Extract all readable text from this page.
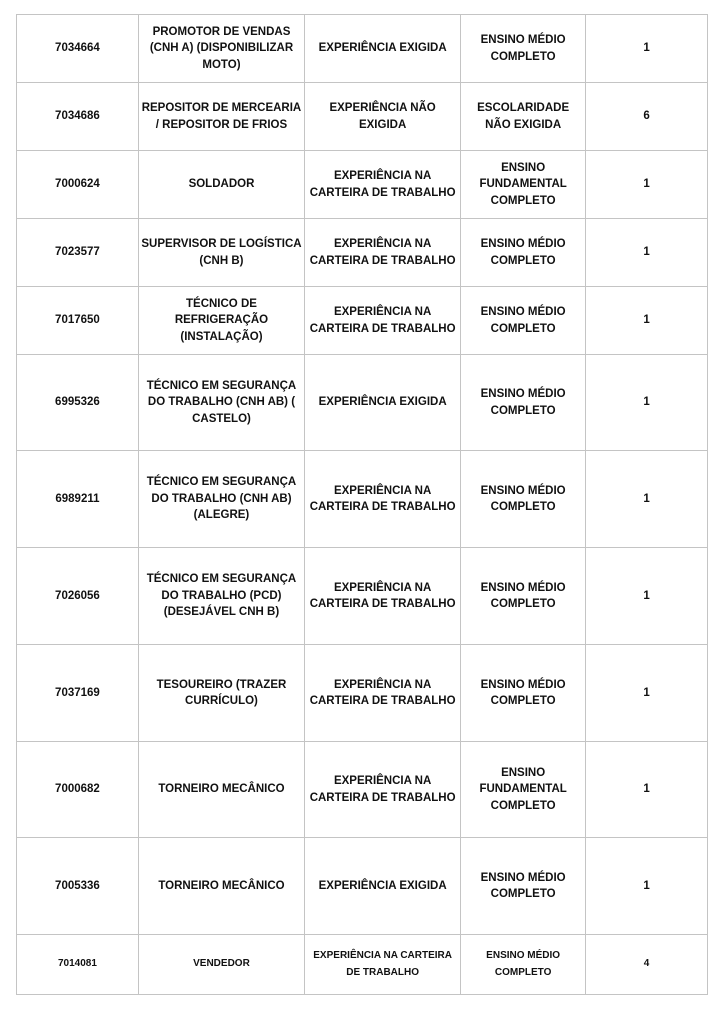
7034664	PROMOTOR DE VENDAS (CNH A) (DISPONIBILIZAR MOTO)	EXPERIÊNCIA EXIGIDA	ENSINO MÉDIO COMPLETO	1
7034686	REPOSITOR DE MERCEARIA / REPOSITOR DE FRIOS	EXPERIÊNCIA NÃO EXIGIDA	ESCOLARIDADE NÃO EXIGIDA	6
7000624	SOLDADOR	EXPERIÊNCIA NA CARTEIRA DE TRABALHO	ENSINO FUNDAMENTAL COMPLETO	1
7023577	SUPERVISOR DE LOGÍSTICA (CNH B)	EXPERIÊNCIA NA CARTEIRA DE TRABALHO	ENSINO MÉDIO COMPLETO	1
7017650	TÉCNICO DE REFRIGERAÇÃO (INSTALAÇÃO)	EXPERIÊNCIA NA CARTEIRA DE TRABALHO	ENSINO MÉDIO COMPLETO	1
6995326	TÉCNICO EM SEGURANÇA DO TRABALHO (CNH AB) ( CASTELO)	EXPERIÊNCIA EXIGIDA	ENSINO MÉDIO COMPLETO	1
6989211	TÉCNICO EM SEGURANÇA DO TRABALHO (CNH AB) (ALEGRE)	EXPERIÊNCIA NA CARTEIRA DE TRABALHO	ENSINO MÉDIO COMPLETO	1
7026056	TÉCNICO EM SEGURANÇA DO TRABALHO (PCD) (DESEJÁVEL CNH B)	EXPERIÊNCIA NA CARTEIRA DE TRABALHO	ENSINO MÉDIO COMPLETO	1
7037169	TESOUREIRO (TRAZER CURRÍCULO)	EXPERIÊNCIA NA CARTEIRA DE TRABALHO	ENSINO MÉDIO COMPLETO	1
7000682	TORNEIRO MECÂNICO	EXPERIÊNCIA NA CARTEIRA DE TRABALHO	ENSINO FUNDAMENTAL COMPLETO	1
7005336	TORNEIRO MECÂNICO	EXPERIÊNCIA EXIGIDA	ENSINO MÉDIO COMPLETO	1
7014081	VENDEDOR	EXPERIÊNCIA NA CARTEIRA DE TRABALHO	ENSINO MÉDIO COMPLETO	4
